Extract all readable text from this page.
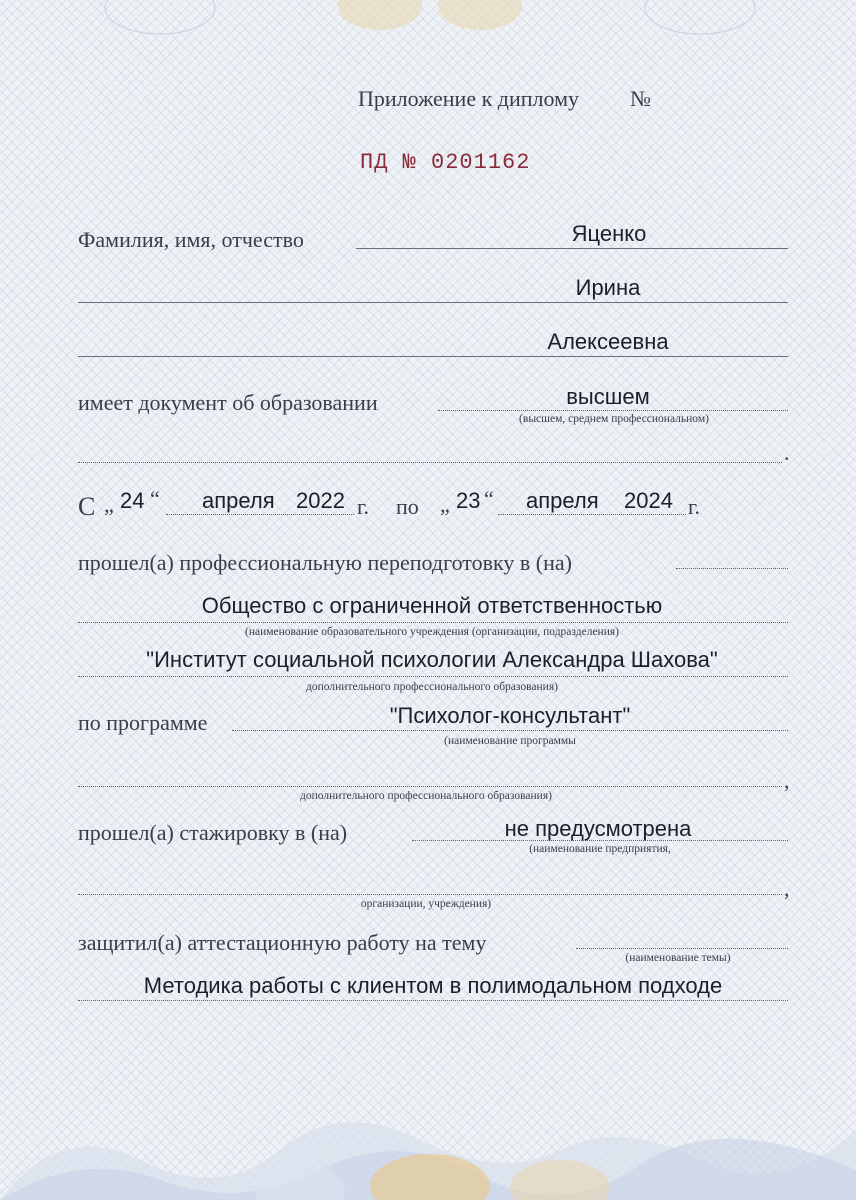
Приложение к диплому №
ПД № 0201162
Фамилия, имя, отчество	Яценко
Ирина
Алексеевна
имеет документ об образовании	высшем
(высшем, среднем профессиональном)
.
С „ 24 “ апреля 2022 г. по „ 23 “ апреля 2024 г.
прошел(а) профессиональную переподготовку в (на)
Общество с ограниченной ответственностью
(наименование образовательного учреждения (организации, подразделения)
"Институт социальной психологии Александра Шахова"
дополнительного профессионального образования)
по программе	"Психолог-консультант"
(наименование программы
,
дополнительного профессионального образования)
прошел(а) стажировку в (на)	не предусмотрена
(наименование предприятия,
,
организации, учреждения)
защитил(а) аттестационную работу на тему
(наименование темы)
Методика работы с клиентом в полимодальном подходе
